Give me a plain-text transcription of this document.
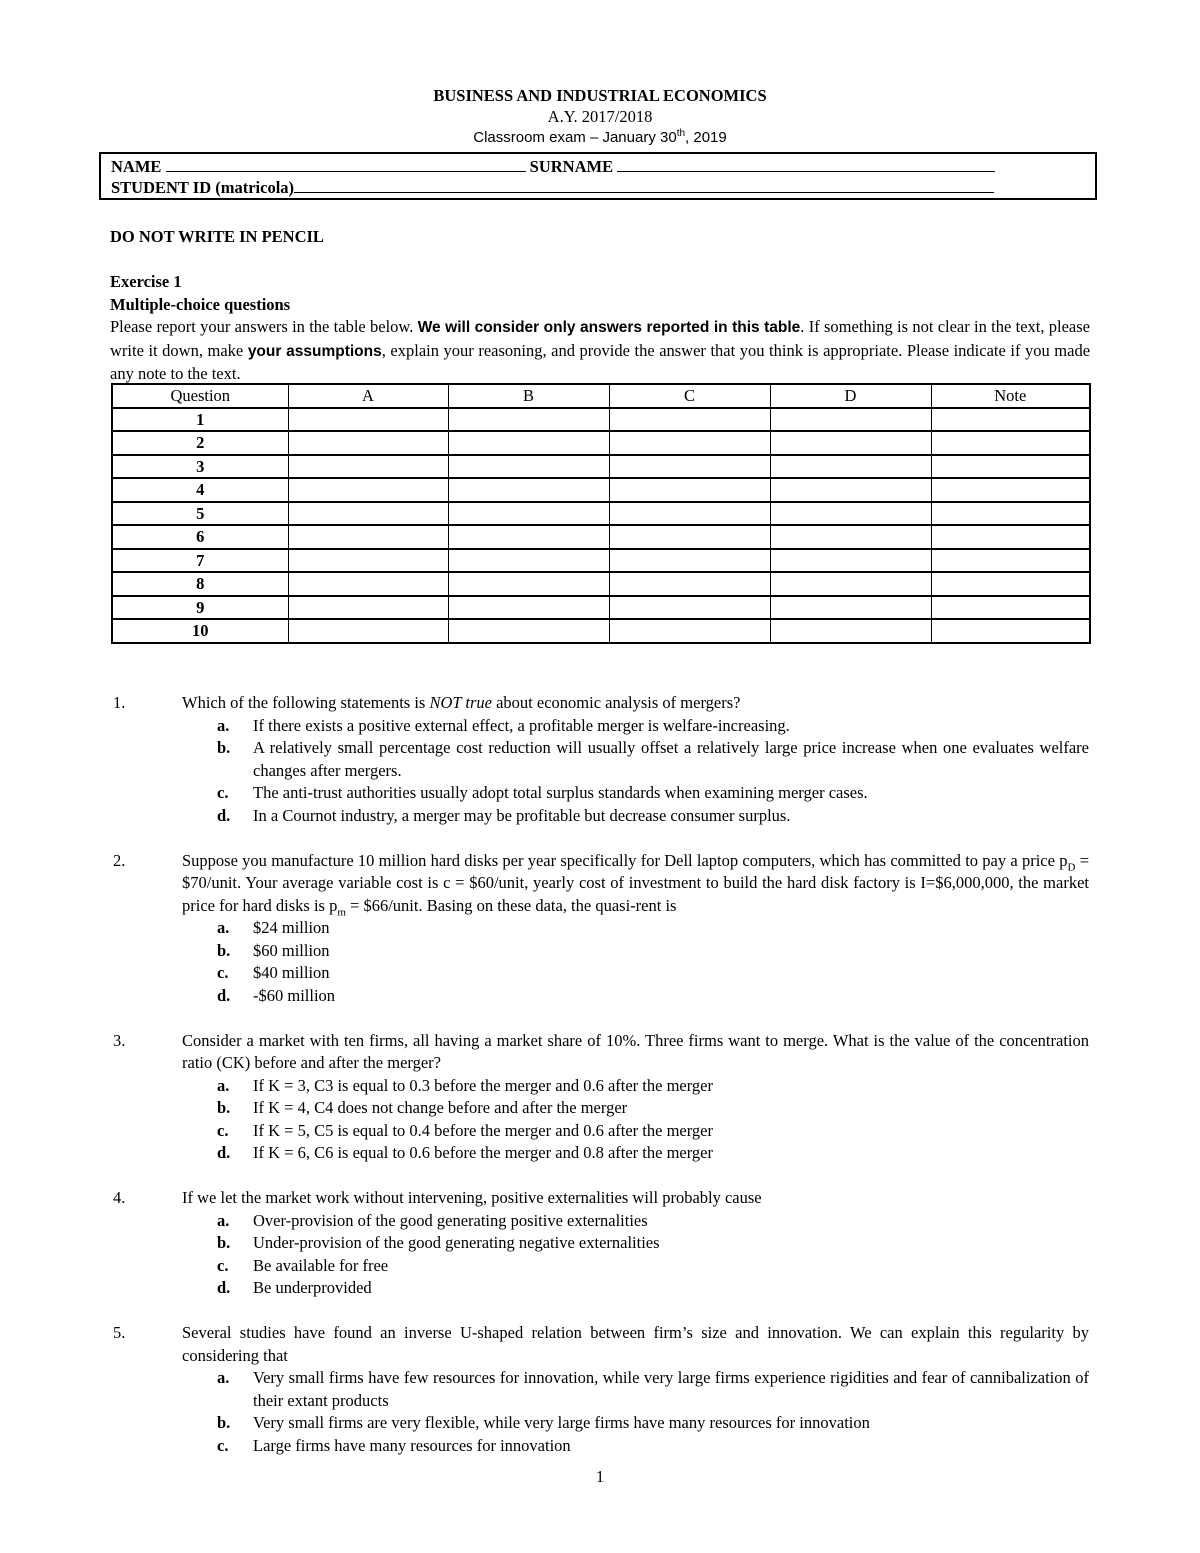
BUSINESS AND INDUSTRIAL ECONOMICS
A.Y. 2017/2018
Classroom exam – January 30th, 2019
NAME	SURNAME
STUDENT ID (matricola)
DO NOT WRITE IN PENCIL
Exercise 1
Multiple-choice questions
Please report your answers in the table below. We will consider only answers reported in this table. If something is not clear in the text, please write it down, make your assumptions, explain your reasoning, and provide the answer that you think is appropriate. Please indicate if you made any note to the text.
Question	A	B	C	D	Note
1					
2					
3					
4					
5					
6					
7					
8					
9					
10					
1.	Which of the following statements is NOT true about economic analysis of mergers?
a. If there exists a positive external effect, a profitable merger is welfare-increasing.
b. A relatively small percentage cost reduction will usually offset a relatively large price increase when one evaluates welfare changes after mergers.
c. The anti-trust authorities usually adopt total surplus standards when examining merger cases.
d. In a Cournot industry, a merger may be profitable but decrease consumer surplus.
2.	Suppose you manufacture 10 million hard disks per year specifically for Dell laptop computers, which has committed to pay a price $p_D$ = $70/unit. Your average variable cost is c = $60/unit, yearly cost of investment to build the hard disk factory is I=$6,000,000, the market price for hard disks is $p_m$ = $66/unit. Basing on these data, the quasi-rent is
a. $24 million
b. $60 million
c. $40 million
d. -$60 million
3.	Consider a market with ten firms, all having a market share of 10%. Three firms want to merge. What is the value of the concentration ratio (CK) before and after the merger?
a. If K = 3, C3 is equal to 0.3 before the merger and 0.6 after the merger
b. If K = 4, C4 does not change before and after the merger
c. If K = 5, C5 is equal to 0.4 before the merger and 0.6 after the merger
d. If K = 6, C6 is equal to 0.6 before the merger and 0.8 after the merger
4.	If we let the market work without intervening, positive externalities will probably cause
a. Over-provision of the good generating positive externalities
b. Under-provision of the good generating negative externalities
c. Be available for free
d. Be underprovided
5.	Several studies have found an inverse U-shaped relation between firm’s size and innovation. We can explain this regularity by considering that
a. Very small firms have few resources for innovation, while very large firms experience rigidities and fear of cannibalization of their extant products
b. Very small firms are very flexible, while very large firms have many resources for innovation
c. Large firms have many resources for innovation
1
